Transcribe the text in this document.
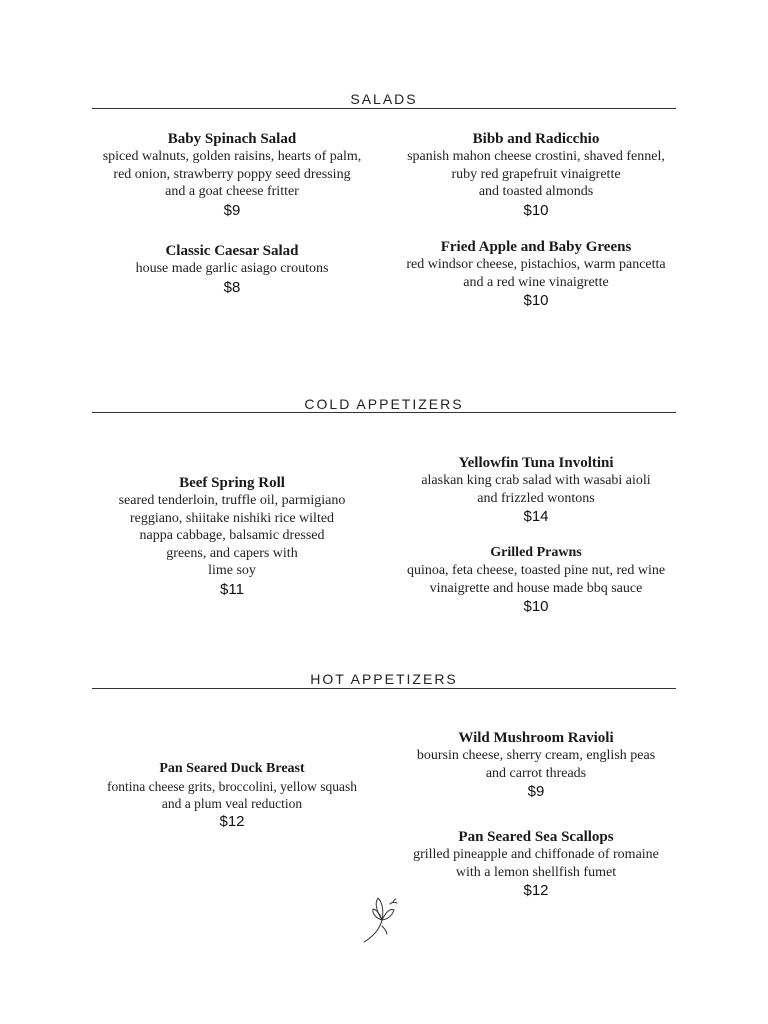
SALADS
Baby Spinach Salad
spiced walnuts, golden raisins, hearts of palm,
red onion, strawberry poppy seed dressing
and a goat cheese fritter
$9
Bibb and Radicchio
spanish mahon cheese crostini, shaved fennel,
ruby red grapefruit vinaigrette
and toasted almonds
$10
Classic Caesar Salad
house made garlic asiago croutons
$8
Fried Apple and Baby Greens
red windsor cheese, pistachios, warm pancetta
and a red wine vinaigrette
$10
COLD APPETIZERS
Beef Spring Roll
seared tenderloin, truffle oil, parmigiano
reggiano, shiitake nishiki rice wilted
nappa cabbage, balsamic dressed
greens, and capers with
lime soy
$11
Yellowfin Tuna Involtini
alaskan king crab salad with wasabi aioli
and frizzled wontons
$14
Grilled Prawns
quinoa, feta cheese, toasted pine nut, red wine
vinaigrette and house made bbq sauce
$10
HOT APPETIZERS
Pan Seared Duck Breast
fontina cheese grits, broccolini, yellow squash
and a plum veal reduction
$12
Wild Mushroom Ravioli
boursin cheese, sherry cream, english peas
and carrot threads
$9
Pan Seared Sea Scallops
grilled pineapple and chiffonade of romaine
with a lemon shellfish fumet
$12
